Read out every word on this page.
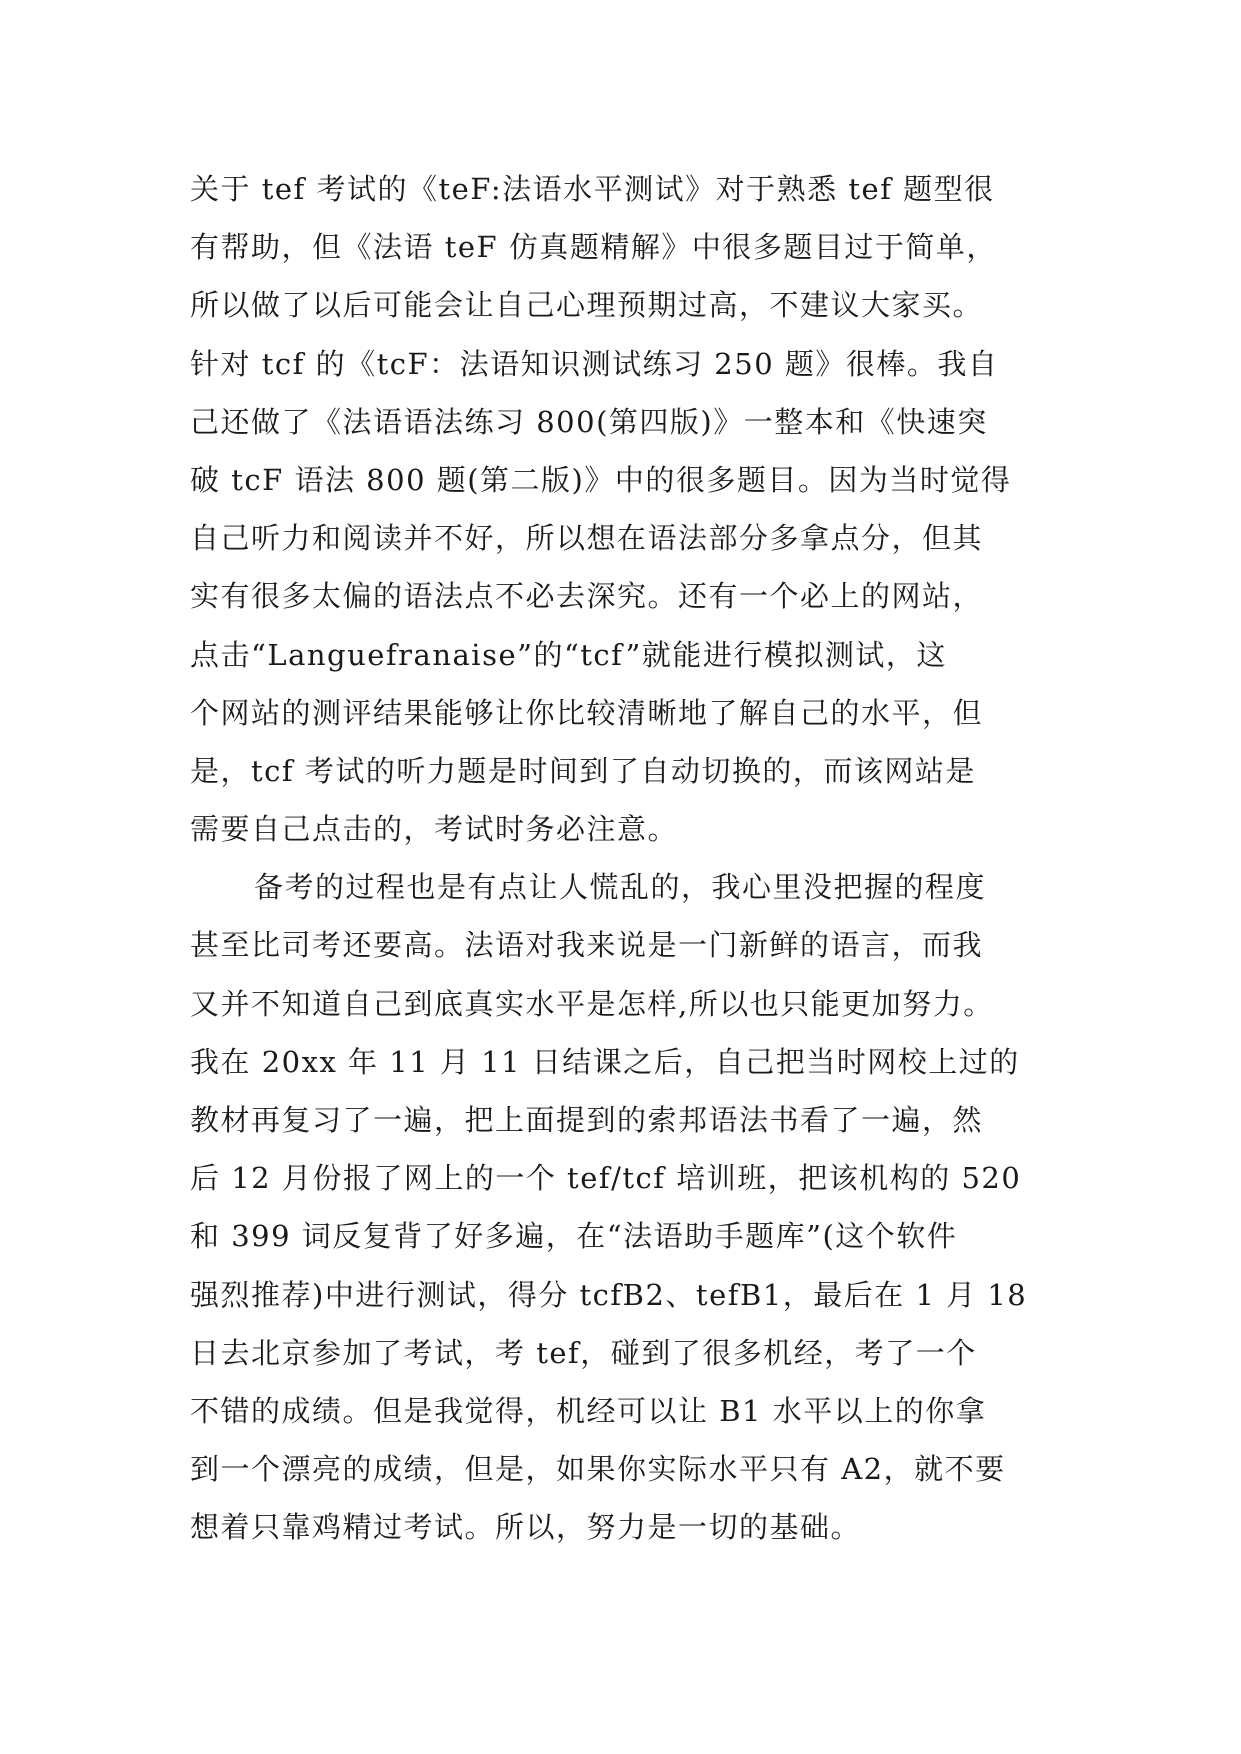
关于 tef 考试的《teF:法语水平测试》对于熟悉 tef 题型很
有帮助，但《法语 teF 仿真题精解》中很多题目过于简单，
所以做了以后可能会让自己心理预期过高，不建议大家买。
针对 tcf 的《tcF：法语知识测试练习 250 题》很棒。我自
己还做了《法语语法练习 800(第四版)》一整本和《快速突
破 tcF 语法 800 题(第二版)》中的很多题目。因为当时觉得
自己听力和阅读并不好，所以想在语法部分多拿点分，但其
实有很多太偏的语法点不必去深究。还有一个必上的网站，
点击“Languefranaise”的“tcf”就能进行模拟测试，这
个网站的测评结果能够让你比较清晰地了解自己的水平，但
是，tcf 考试的听力题是时间到了自动切换的，而该网站是
需要自己点击的，考试时务必注意。
备考的过程也是有点让人慌乱的，我心里没把握的程度
甚至比司考还要高。法语对我来说是一门新鲜的语言，而我
又并不知道自己到底真实水平是怎样,所以也只能更加努力。
我在 20xx 年 11 月 11 日结课之后，自己把当时网校上过的
教材再复习了一遍，把上面提到的索邦语法书看了一遍，然
后 12 月份报了网上的一个 tef/tcf 培训班，把该机构的 520
和 399 词反复背了好多遍，在“法语助手题库”(这个软件
强烈推荐)中进行测试，得分 tcfB2、tefB1，最后在 1 月 18
日去北京参加了考试，考 tef，碰到了很多机经，考了一个
不错的成绩。但是我觉得，机经可以让 B1 水平以上的你拿
到一个漂亮的成绩，但是，如果你实际水平只有 A2，就不要
想着只靠鸡精过考试。所以，努力是一切的基础。
